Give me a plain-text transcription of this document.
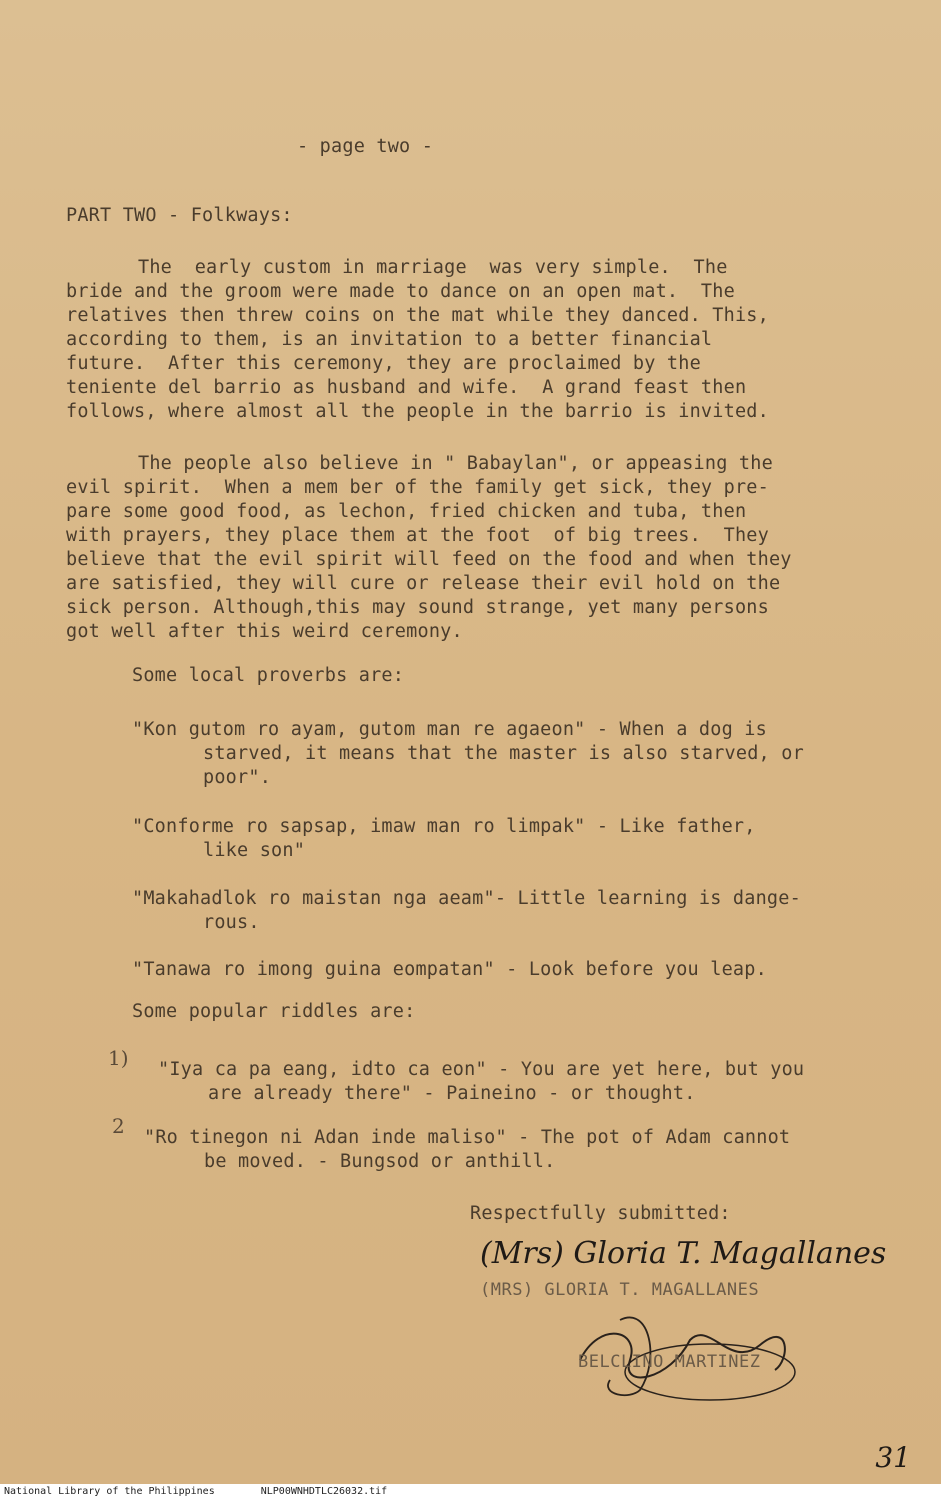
- page two -
PART TWO - Folkways:
The  early custom in marriage  was very simple.  The
bride and the groom were made to dance on an open mat.  The
relatives then threw coins on the mat while they danced. This,
according to them, is an invitation to a better financial
future.  After this ceremony, they are proclaimed by the
teniente del barrio as husband and wife.  A grand feast then
follows, where almost all the people in the barrio is invited.
The people also believe in " Babaylan", or appeasing the
evil spirit.  When a mem ber of the family get sick, they pre-
pare some good food, as lechon, fried chicken and tuba, then
with prayers, they place them at the foot  of big trees.  They
believe that the evil spirit will feed on the food and when they
are satisfied, they will cure or release their evil hold on the
sick person. Although,this may sound strange, yet many persons
got well after this weird ceremony.
Some local proverbs are:
"Kon gutom ro ayam, gutom man re agaeon" - When a dog is
starved, it means that the master is also starved, or
poor".
"Conforme ro sapsap, imaw man ro limpak" - Like father,
like son"
"Makahadlok ro maistan nga aeam"- Little learning is dange-
rous.
"Tanawa ro imong guina eompatan" - Look before you leap.
Some popular riddles are:
1) "Iya ca pa eang, idto ca eon" - You are yet here, but you
are already there" - Paineino - or thought.
2 "Ro tinegon ni Adan inde maliso" - The pot of Adam cannot
be moved. - Bungsod or anthill.
Respectfully submitted:
(Mrs) Gloria T. Magallanes
(MRS) GLORIA T. MAGALLANES
BELCLINO MARTINEZ
31
National Library of the Philippines	NLP00WNHDTLC26032.tif
